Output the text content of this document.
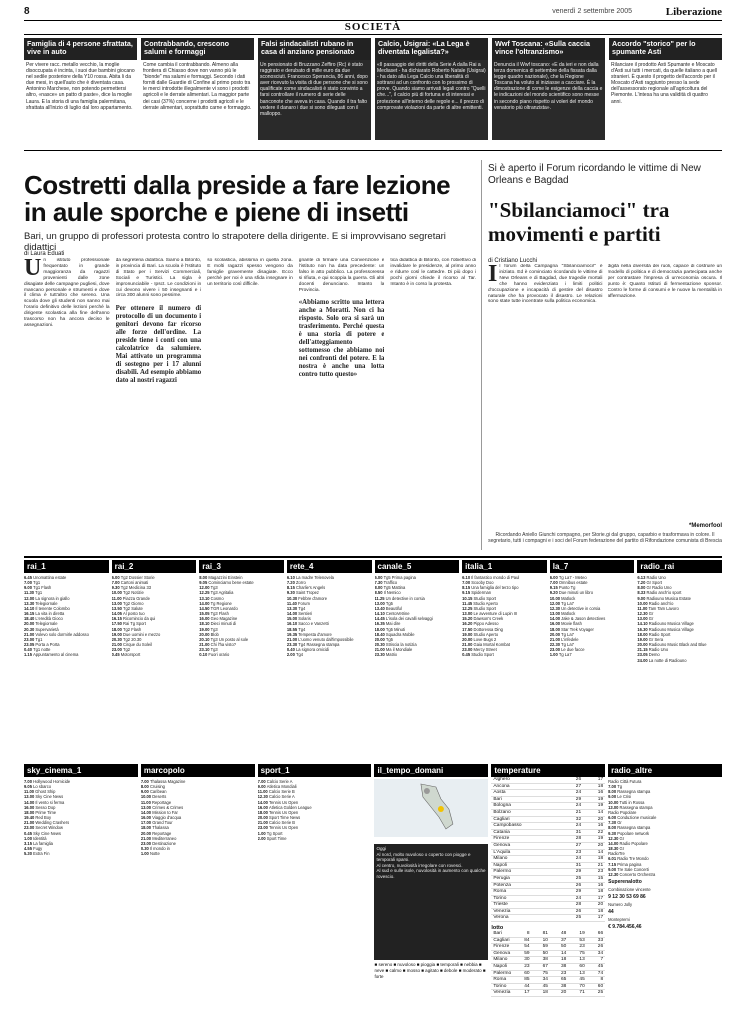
8	venerdì 2 settembre 2005	Liberazione
SOCIETÀ
Famiglia di 4 persone sfrattata, vive in auto

Per vivere racc. metallo vecchio, la moglie disoccupata è incinta, i suoi due bambini giocano nel sedile posteriore della Y10 rossa. Abita li da due mesi, in quell'auto che è diventata casa. Antonino Marchese, non potendo permettersi altro, «nasce» un patto di paste», dice la moglie Laura. E la storia di una famiglia palermitana, sfrattata all'inizio di luglio dal loro appartamento.

Contrabbando, crescono salumi e formaggi

Come cambia il contrabbando. Almeno alla frontiera di Chiasso dove non vanno più le "bionde" ma salumi e formaggi. Secondo i dati forniti dalle Guardie di Confine al primo posto tra le merci introdotte illegalmente vi sono i prodotti agricoli e le derrate alimentari. La maggior parte dei casi (37%) concerne i prodotti agricoli e le derrate alimentari, soprattutto carne e formaggio.

Falsi sindacalisti rubano in casa di anziano pensionato

Un pensionato di Bruzzano Zeffiro (Rc) è stato raggirato e derubato di mille euro da due sconosciuti. Francesco Sperancia, 86 anni, dopo aver ricevuto la visita di due persone che si sono qualificate come sindacalisti è stato convinto a farsi controllare il numero di serie delle banconote che aveva in casa. Quando il tra falto vedere il danaro i due si sono dileguati con il malloppo.

Calcio, Usigrai: «La Lega è diventata legalista?»

«Il passaggio dei diritti della Serie A dalla Rai a Mediaset - ha dichiarato Roberto Natale (Usigrai) - ha dato alla Lega Calcio una liberalità di sottrarsi ad un confronto con lo prossimo di prove. Quando siamo arrivati legali contro "Quelli che...", il calcio più di fortuna e di interessi e protezione all'interno delle regole e... il prezzo di comprovate violazioni da parte di altre emittenti.

Wwf Toscana: «Sulla caccia vince l'oltranzismo»

Denuncia il Wwf toscano: «E da ieri e non dalla terza domenica di settembre della fissata dalla legge quadro nazionale), che la Regione Toscana ha voluto si iniziasse a cacciare. È la dimostrazione di come le esigenze della caccia e le indicazioni del mondo scientifico sono messe in secondo piano rispetto ai voleri del mondo venatorio più oltranzista».

Accordo "storico" per lo spumante Asti

Rilanciare il prodotto Asti Spumante e Moscato d'Asti sui tutti i mercati, da quelle italiano a quell stranieri. È questo il progetto dell'accordo per il Moscato d'Asti raggiunto presso la sede dell'assessorato regionale all'agricoltura del Piemonte. L'intesa ha una validità di quattro anni.

Costretti dalla preside a fare lezione in aule sporche e piene di insetti
Bari, un gruppo di professori protesta contro lo strapotere della dirigente. E si improvvisano segretari didattici
di Laura Eduati
Un istituto professionale frequentato in grande maggioranza da ragazzi provenienti dalle zone disagiate delle campagne pugliesi, dove mancano personale e strumenti e dove il clima è tutt'altro che sereno. Una scuola dove gli studenti non sanno mai l'orario definitivo delle lezioni perché la dirigente scolastica alla fine dell'anno trascorso non ha ancora deciso le assegnazioni.
da segreteria didattica. Siamo a Bitonto, in provincia di Bari. La scuola è l'Istituto di Stato per i Servizi Commerciali, Sociali e Turistici. La sigla è impronunciabile - Ipsct. Le condizioni in cui devono vivere i 50 insegnanti e i circa 300 alunni sono pessime.
Per ottenere il numero di protocollo di un documento i genitori devono far ricorso alle forze dell'ordine. La preside tiene i conti con una calcolatrice da salumiere. Mai attivato un programma di sostegno per i 17 alunni disabili. Ad esempio abbiamo dato al nostri ragazzi
so scolastica, abissima in quella zona. E molti ragazzi spesso vengono da famiglie gravemente disagiate. Ecco perché per noi è una sfida insegnare in un territorio così difficile.
gnante di firmare una Convenzione e l'istituto non ha data precedente: un falso in atto pubblico. La professoressa si rifiuta, e qui scoppia la guerra. Gli altri docenti denunciano. Intanto la Provincia.
«Abbiamo scritto una lettera anche a Moratti. Non ci ha risposto. Solo ora si sarà un trasferimento. Perché questa è una storia di potere e dell'atteggiamento sottomesso che abbiamo noi nei confronti del potere. E la nostra è anche una lotta contro tutto questo»
tica didattica di Bitonto, con l'obiettivo di invalidare le presidenze, al primo anno e ridurre così le cattedre. Di più dopo i pochi giorni chiede il ricorso al Tar. Intanto è in corso la protesta.
Si è aperto il Forum ricordando le vittime di New Orleans e Bagdad
"Sbilanciamoci" tra movimenti e partiti
di Cristiano Lucchi
Il forum della Campagna "Sbilanciamoci!" è iniziato. Ed è cominciato ricordando le vittime di New Orleans e di Bagdad, due tragedie mortali che hanno evidenziato i limiti politici d'occupazione e incapacità di gestire del disastro naturale che ha provocato il disastro. Le relazioni sono state tutte incentrate sulla politica economica.
digità nella diversità dei ruoli, capace di costruire un modello di politica e di democrazia partecipata anche per contrastare l'impresa di un'economia oscura. Il punto è: Quanto Istituti di fermentazione sponsor. Contro le forme di consumi e le nuove la mentalità in affermazione.
*Memorfool
Ricordando Aniello Giunchi compagno, per Storie.gi dal gruppo, caparbio e trasformava in colore. Il segretario, tutti i compagni e i soci del Forum federazione del partito di Rifondazione comunista di Brescia
rai_1
6.45 Unomattina estate
7.00 Tg1
9.00 Tg1 Flash
11.30 Tg1
12.00 La signora in giallo
13.30 Telegiornale
14.10 Il tenente Colombo
16.15 La vita in diretta
18.40 L'eredità Gioco
20.00 Telegiornale
20.30 Supervarietà
21.00 Volevo solo dormirle addosso
23.00 Tg1
23.05 Porta a Porta
0.40 Tg1 notte
1.15 Appuntamento al cinema
rai_2
6.00 Tg2 Dossier Storie
7.00 Cartoni animati
9.30 Tg2 Medicina 33
10.00 Tg2 Notizie
11.00 Piazza Grande
13.00 Tg2 Giorno
13.50 Tg2 Salute
14.05 Al posto tuo
16.15 Ricomincio da qui
17.50 Rai Tg Sport
18.00 Tg2 Flash
19.00 Due uomini e mezzo
20.30 Tg2 20.30
21.00 Cirque du Soleil
23.00 Tg2
0.45 Motorsport
rai_3
8.00 Magazzini Einstein
9.05 Cominciamo bene estate
12.00 Tg3
12.25 Tg3 Agritalia
13.10 Cosmo
14.00 Tg Regione
14.50 TGR Leonardo
15.05 Tg3 Flash
16.00 Geo Magazine
18.10 Dieci minuti di
19.00 Tg3
20.00 Blob
20.10 Tg3 Un posto al sole
21.00 Chi l'ha visto?
23.10 Tg3
0.10 Fuori orario
rete_4
6.10 La madre Telenovela
7.20 Zorro
8.15 Charlie's Angels
9.30 Saint Tropez
10.30 Febbre d'amore
11.40 Forum
13.30 Tg4
14.00 Sentieri
15.00 Solaris
16.10 Sacco e Vanzetti
18.55 Tg4
19.35 Tempesta d'amore
21.00 L'uomo venuto dall'impossibile
23.30 Tg4 Rassegna stampa
0.40 La signora omicidi
2.00 Tg4
canale_5
6.00 Tg5 Prima pagina
7.30 Traffico
8.00 Tg5 Mattina
8.50 Il Nemico
11.25 Un detective in corsia
13.00 Tg5
13.40 Beautiful
14.10 CentoVetrine
14.45 L'isola dei cavalli selvaggi
16.35 Mai dire
18.00 Tg5 Minuti
18.40 Squadra Mobile
20.00 Tg5
20.30 Striscia la notizia
21.00 Ma il Mondiale
23.30 Matrix
italia_1
6.10 Il fantastico mondo di Paul
7.00 Scooby Doo
8.15 Una famiglia del terzo tipo
9.15 Spiderman
10.15 Studio Sport
11.45 Studio Aperto
12.25 Studio Sport
13.00 Le avventure di Lupin III
15.20 Dawson's Creek
16.20 Pippo Adesso
17.50 Dottoressa Ding
19.00 Studio Aperto
20.00 Love Bugs 2
21.00 Gaia Mortal Kombat
23.00 Mercy Street
0.45 Studio Sport
la_7
6.00 Tg La7 - Meteo
7.00 Omnibus estate
9.15 Punto Tg
9.20 Due minuti un libro
10.00 Matlock
12.00 Tg La7
12.30 Un detective in corsia
13.00 Matlock
14.00 Jake & Jason detectives
16.00 Movie flash
18.00 Star Trek Voyager
20.00 Tg La7
21.00 L'infedele
22.30 Tg La7
23.00 Le due facce
1.00 Tg La7
radio_rai
6.13 Radio Uno
7.20 Gr Sport
8.00 Gr Radio Uno
8.33 Radio anch'io sport
9.00 Radiouno Musica Estate
10.00 Radio anch'io
11.00 Tam Tam Lavoro
12.30 Gr
13.00 Gr
14.10 Radiouno Musica Village
16.30 Radiouno Musica Village
18.00 Radio Sport
19.00 Gr Sera
20.00 Radiouno Music Black and Blue
21.15 Radio Uno
23.05 Demo
24.00 La notte di Radiouno
sky_cinema_1
7.00 Hollywood Homicide
9.05 Lo sbarco
11.00 Ghost Ship
13.00 Sky Cine News
14.00 Il vento si ferma
16.00 Sesso Dop
18.00 Prime Time
19.40 Red Boy
21.00 Wedding Crashers
23.00 Secret Window
0.45 Sky Cine News
1.00 Identità
3.15 La famiglia
4.55 Fugy
5.30 Extra Fin
marcopolo
7.00 Thalassa Magazine
8.00 Cruising
9.00 Caribean
10.00 Deserts
11.00 Reportage
13.00 Crimes & Crimes
14.00 Mission to Far
16.00 Viaggio d'acqua
17.00 Grand Tour
18.00 Thalassa
20.00 Reportage
21.00 Mediterraneo
23.00 Destinazione
0.30 Il mondo in
1.00 Notte
sport_1
7.00 Calcio Serie A
9.00 Atletica Mondiali
11.00 Calcio Serie B
12.30 Calcio Serie A
14.00 Tennis Us Open
16.00 Atletica Golden League
18.00 Tennis Us Open
20.00 Sport Time News
21.00 Calcio Serie B
23.00 Tennis Us Open
1.00 Tg Sport
2.00 Sport Time
il_tempo_domani
Oggi
Al nord, molto nuvoloso o coperto con piogge e temporali sparsi.
Al centro, nuvolosità irregolare con rovesci.
Al sud e sulle isole, nuvolosità in aumento con qualche rovescio.
■ sereno ■ nuvoloso ■ pioggia ■ temporali ■ nebbia ■ neve ■ calmo ■ mosso ■ agitato ■ debole ■ moderato ■ forte
temperature
Alghero	26	17
Ancona	27	18
Aosta	24	16
Bari	29	19
Bologna	24	19
Bolzano	21	14
Cagliari	32	20
Campobasso	24	16
Catania	31	22
Firenze	28	19
Genova	27	20
L'Aquila	23	14
Milano	24	18
Napoli	31	21
Palermo	29	23
Perugia	25	15
Potenza	26	16
Roma	29	18
Torino	24	17
Trieste	28	20
Venezia	26	18
Verona	25	17
lotto
Bari	8	81	48	19	66
Cagliari	84	10	37	53	33
Firenze	54	59	50	23	26
Genova	59	50	14	75	34
Milano	30	38	18	13	7
Napoli	23	67	38	60	45
Palermo	60	75	23	13	74
Roma	85	34	65	45	8
Torino	44	45	38	70	60
Venezia	17	18	20	71	25
radio_altre
Radio Città Futura
7.00 Tg
8.00 Rassegna stampa
9.00 Le Crisi
10.00 Tutti in Rossa
13.00 Rassegna stampa
Radio Popolare
6.00 Conduzione musicale
7.30 Gr
8.00 Rassegna stampa
9.30 Popolare network
12.30 Gr
14.00 Radio Popolare
18.30 Gr
RadioTre
6.01 Radio Tre Mondo
7.15 Prima pagina
9.00 Tre Sale Concerti
12.30 Concerto Orchestra
Superenalotto
Combinazione vincente
9 12 30 53 69 86
Numero Jolly
44
Montepremi
€ 9.784.456,46
